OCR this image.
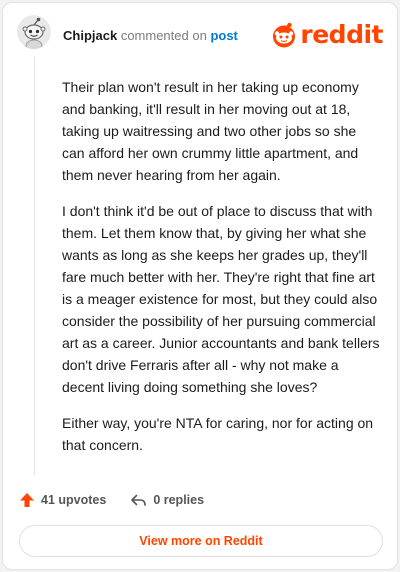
Chipjack commented on post	reddit

Their plan won't result in her taking up economy and banking, it'll result in her moving out at 18, taking up waitressing and two other jobs so she can afford her own crummy little apartment, and them never hearing from her again.

I don't think it'd be out of place to discuss that with them. Let them know that, by giving her what she wants as long as she keeps her grades up, they'll fare much better with her. They're right that fine art is a meager existence for most, but they could also consider the possibility of her pursuing commercial art as a career. Junior accountants and bank tellers don't drive Ferraris after all - why not make a decent living doing something she loves?

Either way, you're NTA for caring, nor for acting on that concern.

41 upvotes	0 replies
View more on Reddit
